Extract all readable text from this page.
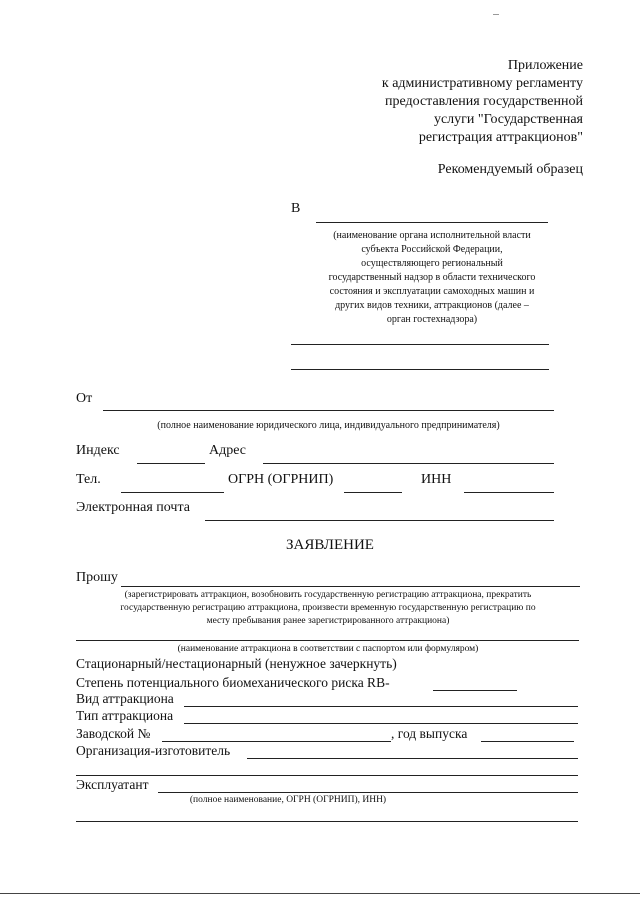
Приложение
к административному регламенту
предоставления государственной
услуги "Государственная
регистрация аттракционов"
Рекомендуемый образец
В
(наименование органа исполнительной власти
субъекта Российской Федерации,
осуществляющего региональный
государственный надзор в области технического
состояния и эксплуатации самоходных машин и
других видов техники, аттракционов (далее –
орган гостехнадзора)
От
(полное наименование юридического лица, индивидуального предпринимателя)
Индекс	Адрес
Тел.	ОГРН (ОГРНИП)	ИНН
Электронная почта
ЗАЯВЛЕНИЕ
Прошу
(зарегистрировать аттракцион, возобновить государственную регистрацию аттракциона, прекратить
государственную регистрацию аттракциона, произвести временную государственную регистрацию по
месту пребывания ранее зарегистрированного аттракциона)
(наименование аттракциона в соответствии с паспортом или формуляром)
Стационарный/нестационарный (ненужное зачеркнуть)
Степень потенциального биомеханического риска RB-
Вид аттракциона
Тип аттракциона
Заводской №	, год выпуска
Организация-изготовитель
Эксплуатант
(полное наименование, ОГРН (ОГРНИП), ИНН)
